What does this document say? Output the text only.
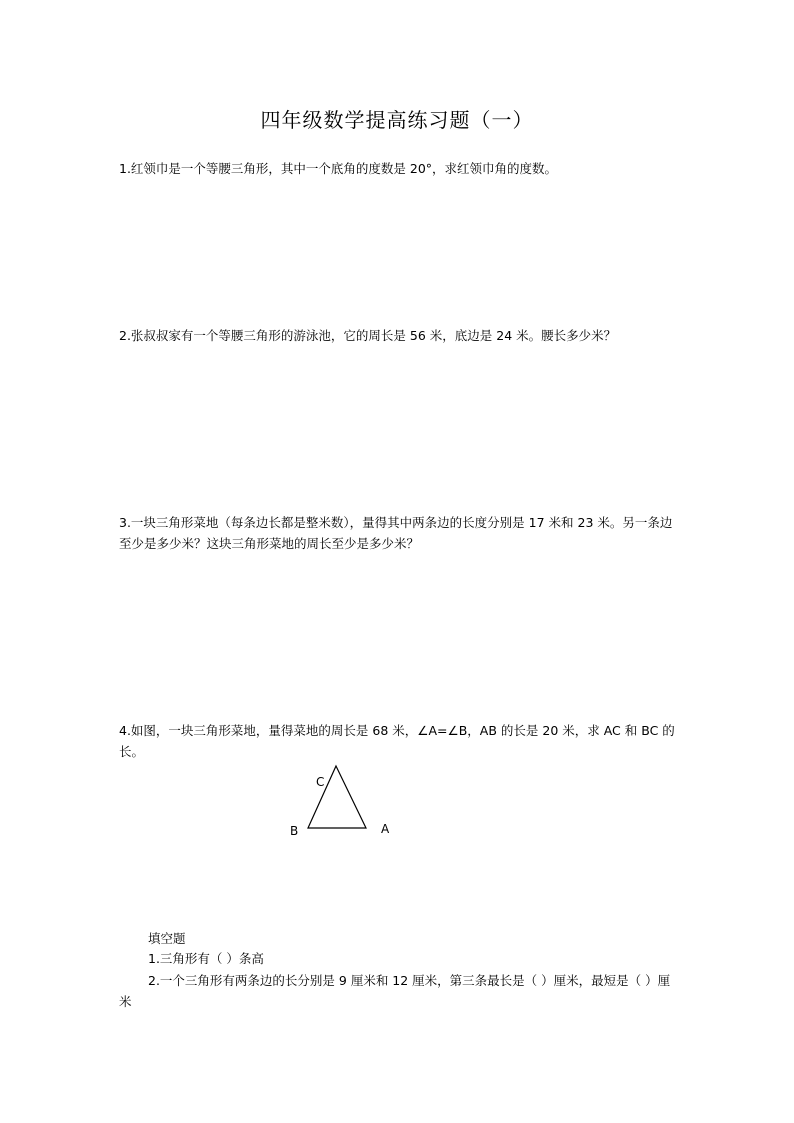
四年级数学提高练习题（一）

1.红领巾是一个等腰三角形，其中一个底角的度数是 20°，求红领巾角的度数。

2.张叔叔家有一个等腰三角形的游泳池，它的周长是 56 米，底边是 24 米。腰长多少米？

3.一块三角形菜地（每条边长都是整米数），量得其中两条边的长度分别是 17 米和 23 米。另一条边至少是多少米？这块三角形菜地的周长至少是多少米？

4.如图，一块三角形菜地，量得菜地的周长是 68 米，∠A=∠B，AB 的长是 20 米，求 AC 和 BC 的长。

C
B	A
填空题
1.三角形有（ ）条高

2.一个三角形有两条边的长分别是 9 厘米和 12 厘米，第三条最长是（ ）厘米，最短是（ ）厘米
